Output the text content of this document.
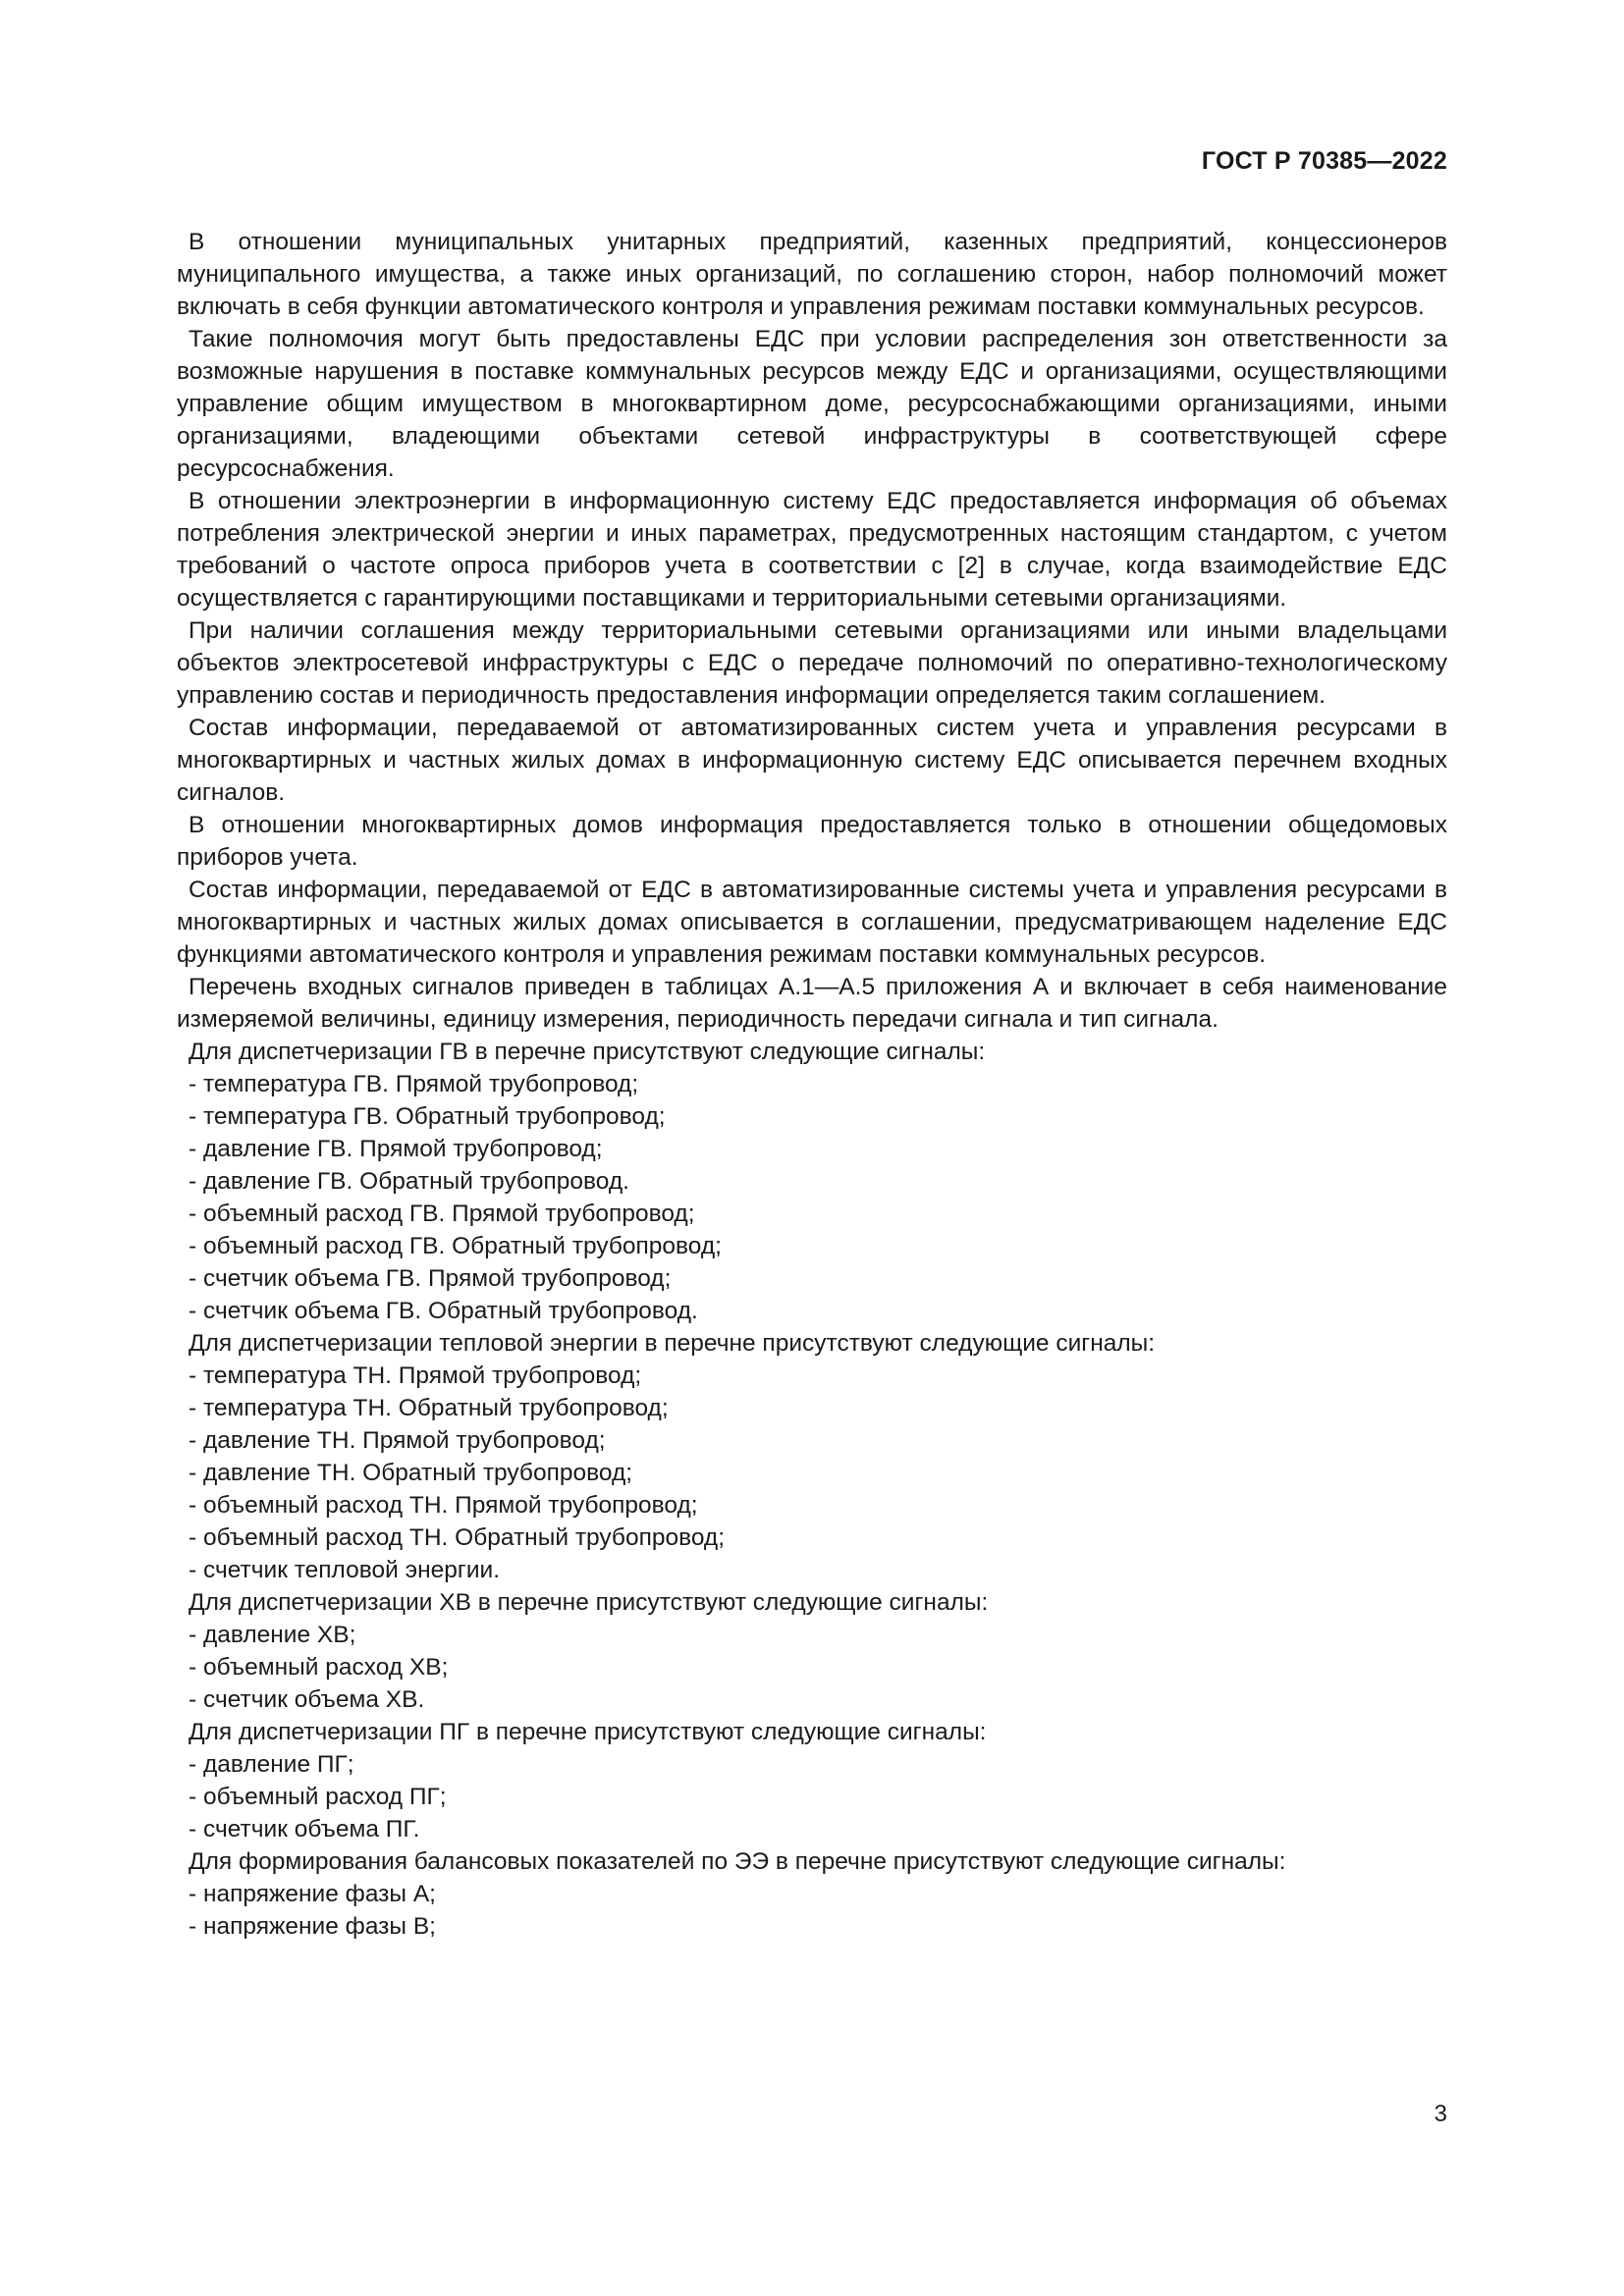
ГОСТ Р 70385—2022

В отношении муниципальных унитарных предприятий, казенных предприятий, концессионеров муниципального имущества, а также иных организаций, по соглашению сторон, набор полномочий может включать в себя функции автоматического контроля и управления режимам поставки коммунальных ресурсов.

Такие полномочия могут быть предоставлены ЕДС при условии распределения зон ответственности за возможные нарушения в поставке коммунальных ресурсов между ЕДС и организациями, осуществляющими управление общим имуществом в многоквартирном доме, ресурсоснабжающими организациями, иными организациями, владеющими объектами сетевой инфраструктуры в соответствующей сфере ресурсоснабжения.

В отношении электроэнергии в информационную систему ЕДС предоставляется информация об объемах потребления электрической энергии и иных параметрах, предусмотренных настоящим стандартом, с учетом требований о частоте опроса приборов учета в соответствии с [2] в случае, когда взаимодействие ЕДС осуществляется с гарантирующими поставщиками и территориальными сетевыми организациями.

При наличии соглашения между территориальными сетевыми организациями или иными владельцами объектов электросетевой инфраструктуры с ЕДС о передаче полномочий по оперативно-технологическому управлению состав и периодичность предоставления информации определяется таким соглашением.

Состав информации, передаваемой от автоматизированных систем учета и управления ресурсами в многоквартирных и частных жилых домах в информационную систему ЕДС описывается перечнем входных сигналов.

В отношении многоквартирных домов информация предоставляется только в отношении общедомовых приборов учета.

Состав информации, передаваемой от ЕДС в автоматизированные системы учета и управления ресурсами в многоквартирных и частных жилых домах описывается в соглашении, предусматривающем наделение ЕДС функциями автоматического контроля и управления режимам поставки коммунальных ресурсов.

Перечень входных сигналов приведен в таблицах А.1—А.5 приложения А и включает в себя наименование измеряемой величины, единицу измерения, периодичность передачи сигнала и тип сигнала.

Для диспетчеризации ГВ в перечне присутствуют следующие сигналы:
- температура ГВ. Прямой трубопровод;
- температура ГВ. Обратный трубопровод;
- давление ГВ. Прямой трубопровод;
- давление ГВ. Обратный трубопровод.
- объемный расход ГВ. Прямой трубопровод;
- объемный расход ГВ. Обратный трубопровод;
- счетчик объема ГВ. Прямой трубопровод;
- счетчик объема ГВ. Обратный трубопровод.
Для диспетчеризации тепловой энергии в перечне присутствуют следующие сигналы:
- температура ТН. Прямой трубопровод;
- температура ТН. Обратный трубопровод;
- давление ТН. Прямой трубопровод;
- давление ТН. Обратный трубопровод;
- объемный расход ТН. Прямой трубопровод;
- объемный расход ТН. Обратный трубопровод;
- счетчик тепловой энергии.
Для диспетчеризации ХВ в перечне присутствуют следующие сигналы:
- давление ХВ;
- объемный расход ХВ;
- счетчик объема ХВ.
Для диспетчеризации ПГ в перечне присутствуют следующие сигналы:
- давление ПГ;
- объемный расход ПГ;
- счетчик объема ПГ.
Для формирования балансовых показателей по ЭЭ в перечне присутствуют следующие сигналы:
- напряжение фазы А;
- напряжение фазы В;
3
